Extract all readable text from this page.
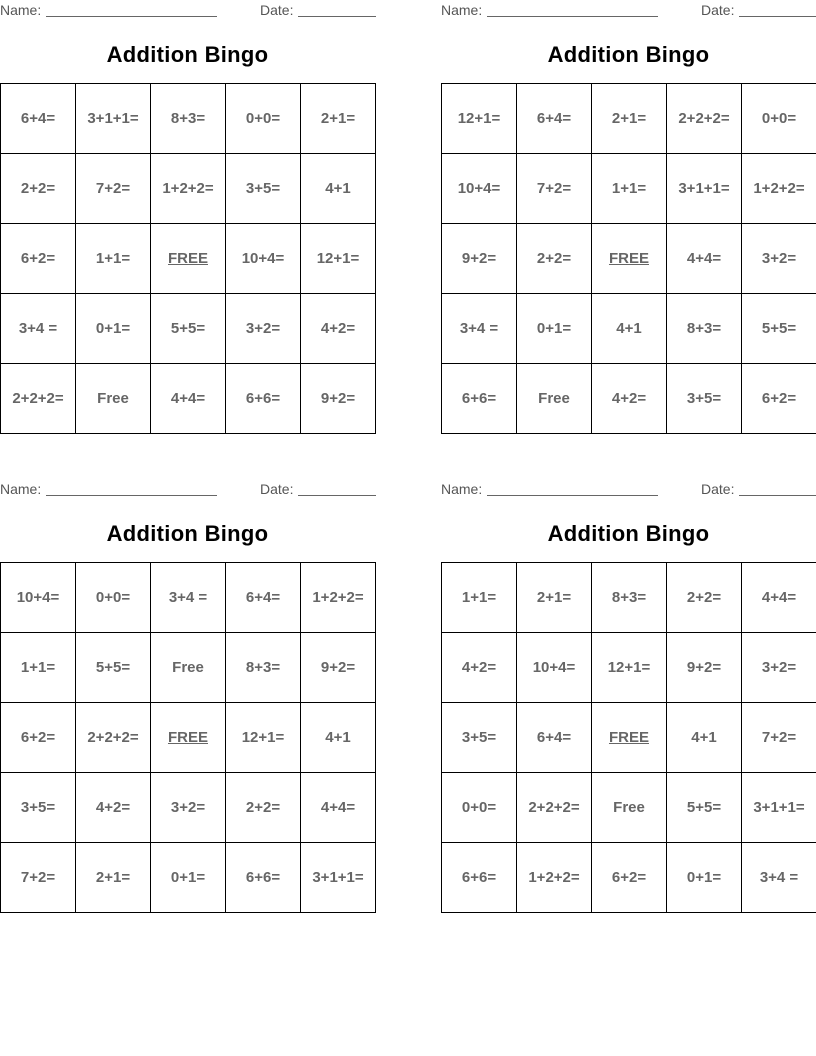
Name:	Date:
Addition Bingo
6+4=	3+1+1=	8+3=	0+0=	2+1=
2+2=	7+2=	1+2+2=	3+5=	4+1
6+2=	1+1=	FREE	10+4=	12+1=
3+4 =	0+1=	5+5=	3+2=	4+2=
2+2+2=	Free	4+4=	6+6=	9+2=
Name:	Date:
Addition Bingo
12+1=	6+4=	2+1=	2+2+2=	0+0=
10+4=	7+2=	1+1=	3+1+1=	1+2+2=
9+2=	2+2=	FREE	4+4=	3+2=
3+4 =	0+1=	4+1	8+3=	5+5=
6+6=	Free	4+2=	3+5=	6+2=
Name:	Date:
Addition Bingo
10+4=	0+0=	3+4 =	6+4=	1+2+2=
1+1=	5+5=	Free	8+3=	9+2=
6+2=	2+2+2=	FREE	12+1=	4+1
3+5=	4+2=	3+2=	2+2=	4+4=
7+2=	2+1=	0+1=	6+6=	3+1+1=
Name:	Date:
Addition Bingo
1+1=	2+1=	8+3=	2+2=	4+4=
4+2=	10+4=	12+1=	9+2=	3+2=
3+5=	6+4=	FREE	4+1	7+2=
0+0=	2+2+2=	Free	5+5=	3+1+1=
6+6=	1+2+2=	6+2=	0+1=	3+4 =
